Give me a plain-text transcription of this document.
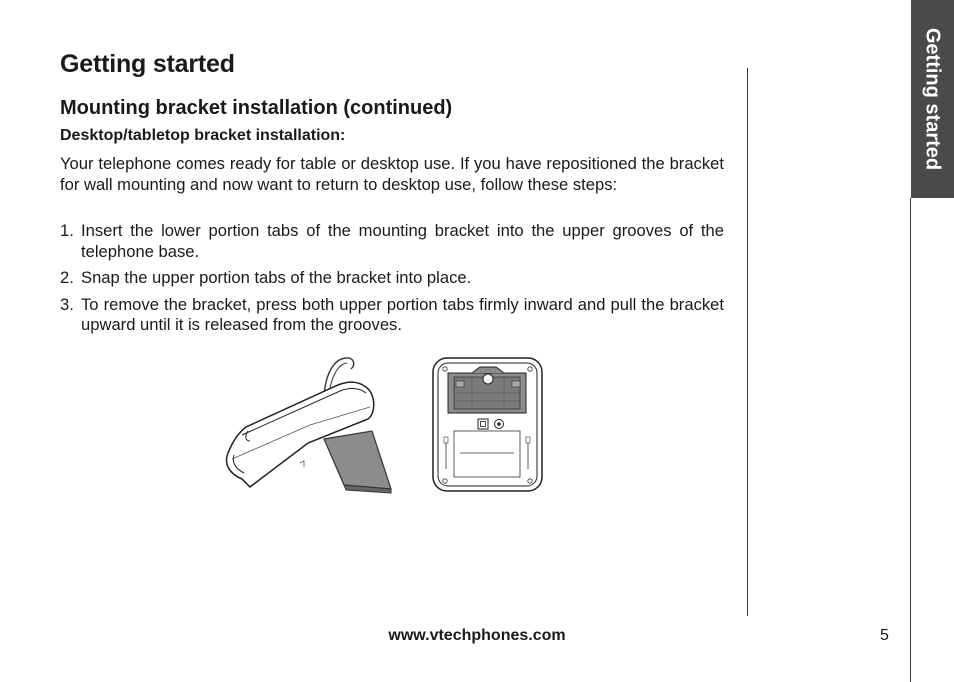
Getting started
Mounting bracket installation (continued)
Desktop/tabletop bracket installation:

Your telephone comes ready for table or desktop use. If you have repositioned the bracket for wall mounting and now want to return to desktop use, follow these steps:

1. Insert the lower portion tabs of the mounting bracket into the upper grooves of the telephone base.
2. Snap the upper portion tabs of the bracket into place.
3. To remove the bracket, press both upper portion tabs firmly inward and pull the bracket upward until it is released from the grooves.
Getting started
www.vtechphones.com	5
